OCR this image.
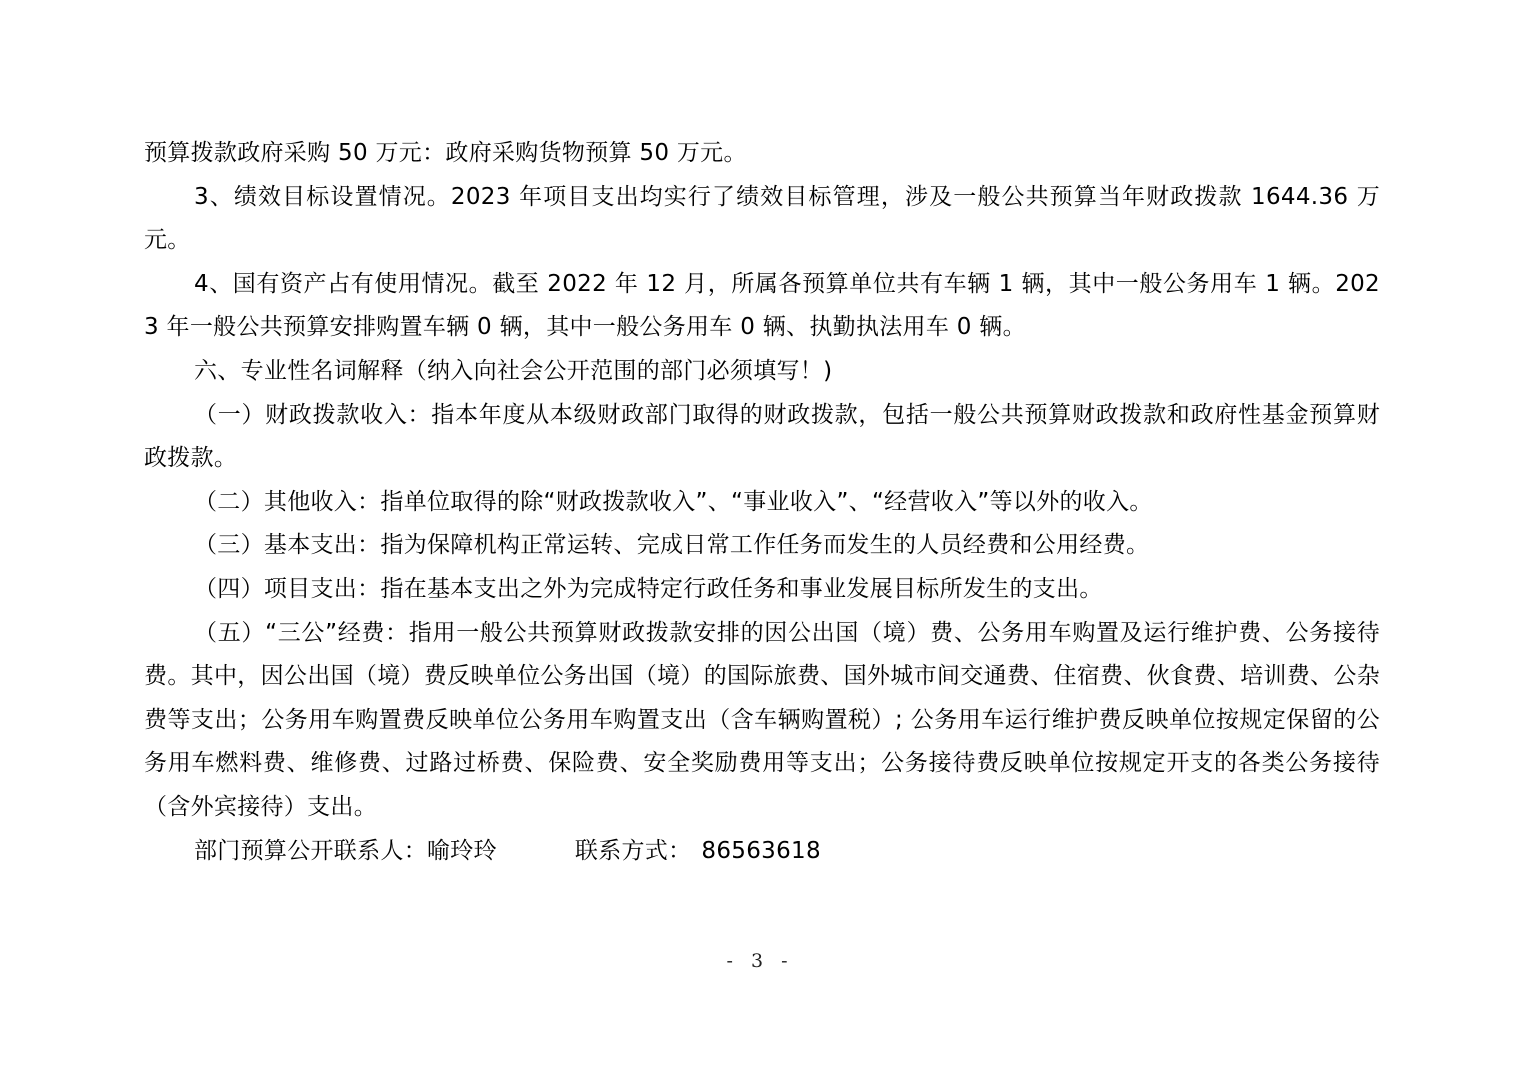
预算拨款政府采购 50 万元：政府采购货物预算 50 万元。

3、绩效目标设置情况。2023 年项目支出均实行了绩效目标管理，涉及一般公共预算当年财政拨款 1644.36 万元。

4、国有资产占有使用情况。截至 2022 年 12 月，所属各预算单位共有车辆 1 辆，其中一般公务用车 1 辆。2023 年一般公共预算安排购置车辆 0 辆，其中一般公务用车 0 辆、执勤执法用车 0 辆。

六、专业性名词解释（纳入向社会公开范围的部门必须填写！)

（一）财政拨款收入：指本年度从本级财政部门取得的财政拨款，包括一般公共预算财政拨款和政府性基金预算财政拨款。

（二）其他收入：指单位取得的除“财政拨款收入”、“事业收入”、“经营收入”等以外的收入。

（三）基本支出：指为保障机构正常运转、完成日常工作任务而发生的人员经费和公用经费。

（四）项目支出：指在基本支出之外为完成特定行政任务和事业发展目标所发生的支出。

（五）“三公”经费：指用一般公共预算财政拨款安排的因公出国（境）费、公务用车购置及运行维护费、公务接待费。其中，因公出国（境）费反映单位公务出国（境）的国际旅费、国外城市间交通费、住宿费、伙食费、培训费、公杂费等支出；公务用车购置费反映单位公务用车购置支出（含车辆购置税）; 公务用车运行维护费反映单位按规定保留的公务用车燃料费、维修费、过路过桥费、保险费、安全奖励费用等支出；公务接待费反映单位按规定开支的各类公务接待（含外宾接待）支出。

部门预算公开联系人：喻玲玲	联系方式： 86563618

- 3 -
